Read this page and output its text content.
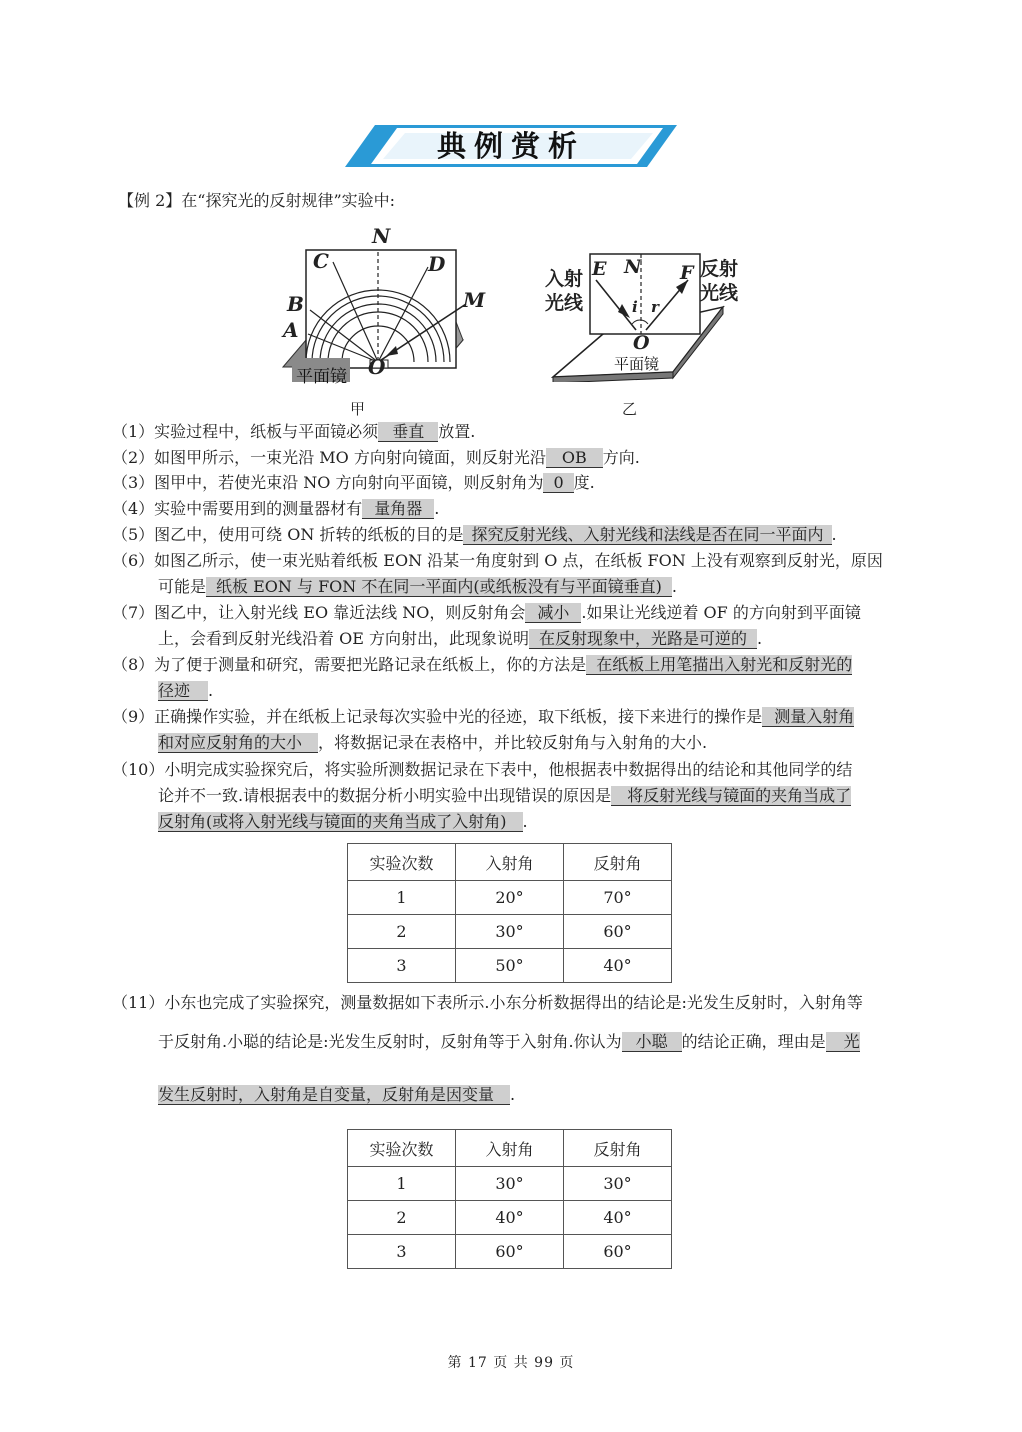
典例赏析
【例 2】在“探究光的反射规律”实验中:
N
C	D
B
A
M
O
平面镜
甲
E N F
i r
O
入射
光线
反射
光线
平面镜
乙
（1）实验过程中，纸板与平面镜必须 垂直 放置.
（2）如图甲所示，一束光沿 MO 方向射向镜面，则反射光沿 OB 方向.
（3）图甲中，若使光束沿 NO 方向射向平面镜，则反射角为 0 度.
（4）实验中需要用到的测量器材有 量角器 .
（5）图乙中，使用可绕 ON 折转的纸板的目的是 探究反射光线、入射光线和法线是否在同一平面内 .
（6）如图乙所示，使一束光贴着纸板 EON 沿某一角度射到 O 点，在纸板 FON 上没有观察到反射光，原因
可能是 纸板 EON 与 FON 不在同一平面内(或纸板没有与平面镜垂直) .
（7）图乙中，让入射光线 EO 靠近法线 NO，则反射角会 减小 .如果让光线逆着 OF 的方向射到平面镜
上，会看到反射光线沿着 OE 方向射出，此现象说明 在反射现象中，光路是可逆的 .
（8）为了便于测量和研究，需要把光路记录在纸板上，你的方法是 在纸板上用笔描出入射光和反射光的
径迹 .
（9）正确操作实验，并在纸板上记录每次实验中光的径迹，取下纸板，接下来进行的操作是 测量入射角
和对应反射角的大小 ，将数据记录在表格中，并比较反射角与入射角的大小.
（10）小明完成实验探究后，将实验所测数据记录在下表中，他根据表中数据得出的结论和其他同学的结
论并不一致.请根据表中的数据分析小明实验中出现错误的原因是 将反射光线与镜面的夹角当成了
反射角(或将入射光线与镜面的夹角当成了入射角) .
实验次数	入射角	反射角
1	20°	70°
2	30°	60°
3	50°	40°
（11）小东也完成了实验探究，测量数据如下表所示.小东分析数据得出的结论是:光发生反射时，入射角等
于反射角.小聪的结论是:光发生反射时，反射角等于入射角.你认为 小聪 的结论正确，理由是 光
发生反射时，入射角是自变量，反射角是因变量 .
实验次数	入射角	反射角
1	30°	30°
2	40°	40°
3	60°	60°
第 17 页 共 99 页
